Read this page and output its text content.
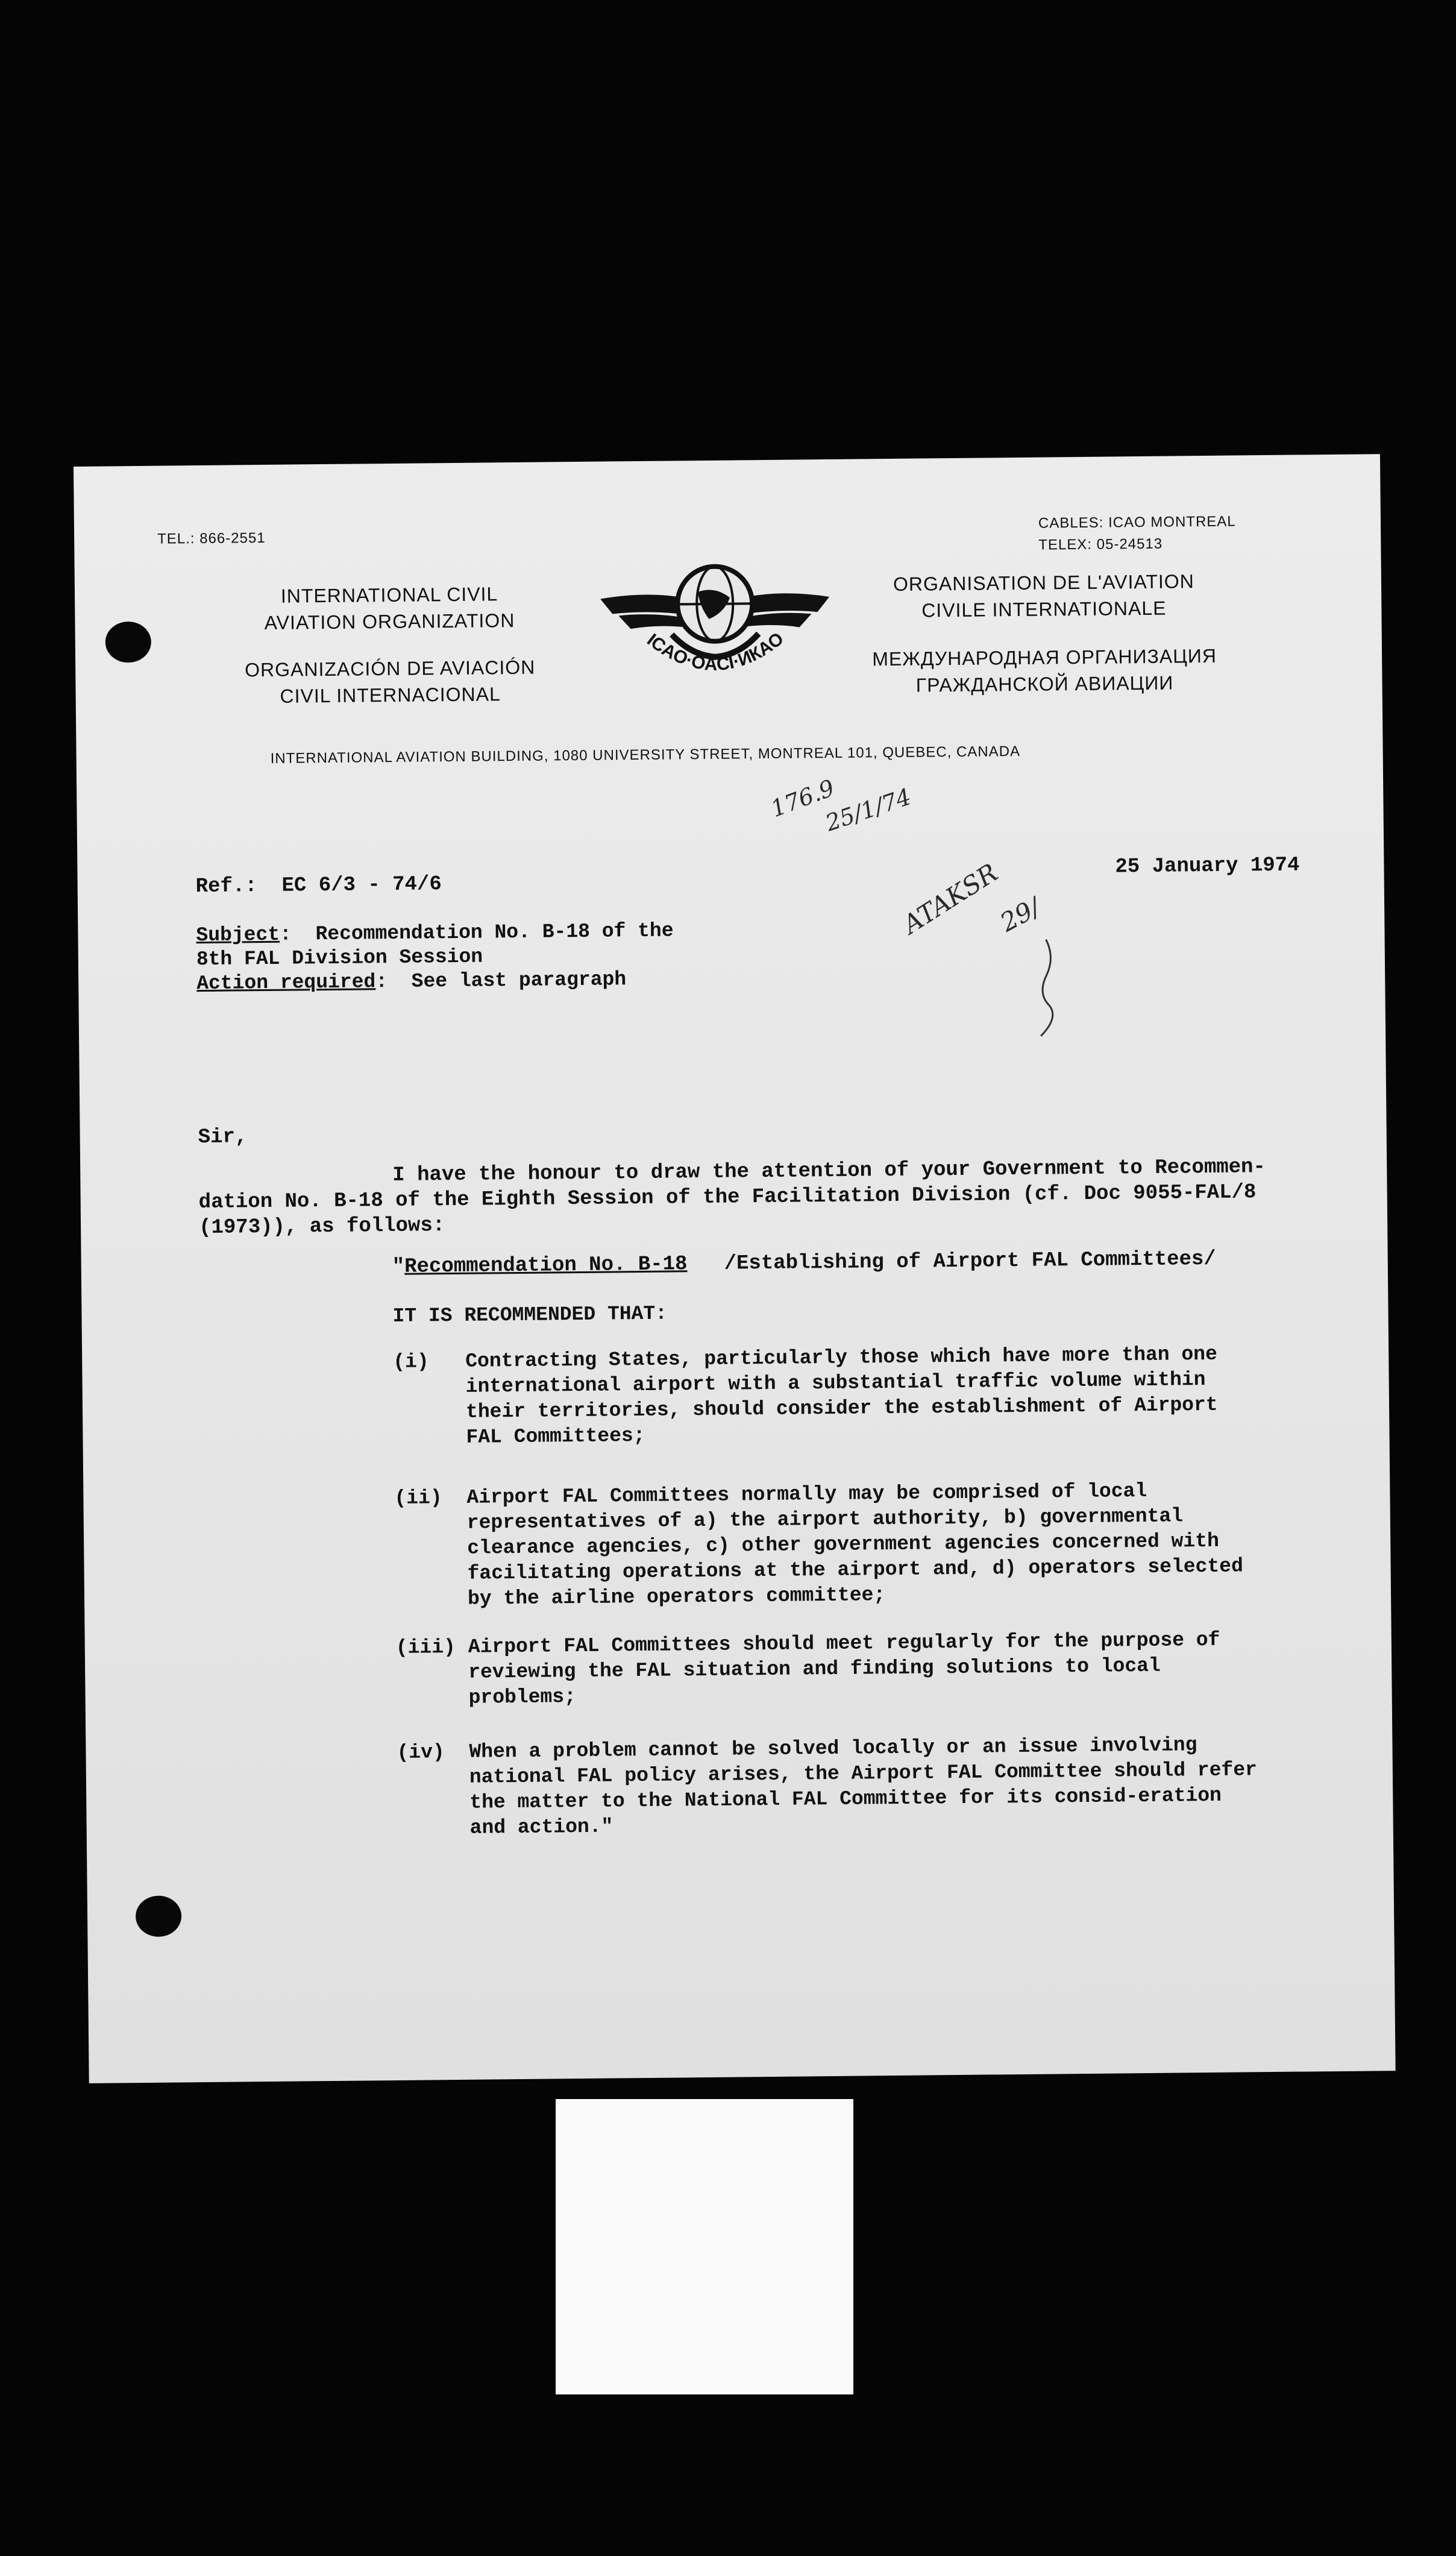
TEL.: 866-2551
CABLES: ICAO MONTREAL
TELEX: 05-24513
INTERNATIONAL CIVIL
AVIATION ORGANIZATION
ORGANIZACIÓN DE AVIACIÓN
CIVIL INTERNACIONAL
ORGANISATION DE L'AVIATION
CIVILE INTERNATIONALE
МЕЖДУНАРОДНАЯ ОРГАНИЗАЦИЯ
ГРАЖДАНСКОЙ АВИАЦИИ
ICAO·OACI·ИКАО
INTERNATIONAL AVIATION BUILDING, 1080 UNIVERSITY STREET, MONTREAL 101, QUEBEC, CANADA
176.9
25/1/74
ATAKSR
29/
Ref.: EC 6/3 - 74/6
25 January 1974
Subject:  Recommendation No. B-18 of the
8th FAL Division Session
Action required:  See last paragraph
Sir,
I have the honour to draw the attention of your Government to Recommen-
dation No. B-18 of the Eighth Session of the Facilitation Division (cf. Doc 9055-FAL/8
(1973)), as follows:
"Recommendation No. B-18   /Establishing of Airport FAL Committees/
IT IS RECOMMENDED THAT:
(i) Contracting States, particularly those which have more than one international airport with a substantial traffic volume within their territories, should consider the establishment of Airport FAL Committees;
(ii) Airport FAL Committees normally may be comprised of local representatives of a) the airport authority, b) governmental clearance agencies, c) other government agencies concerned with facilitating operations at the airport and, d) operators selected by the airline operators committee;
(iii) Airport FAL Committees should meet regularly for the purpose of reviewing the FAL situation and finding solutions to local problems;
(iv) When a problem cannot be solved locally or an issue involving national FAL policy arises, the Airport FAL Committee should refer the matter to the National FAL Committee for its consid-eration and action."
